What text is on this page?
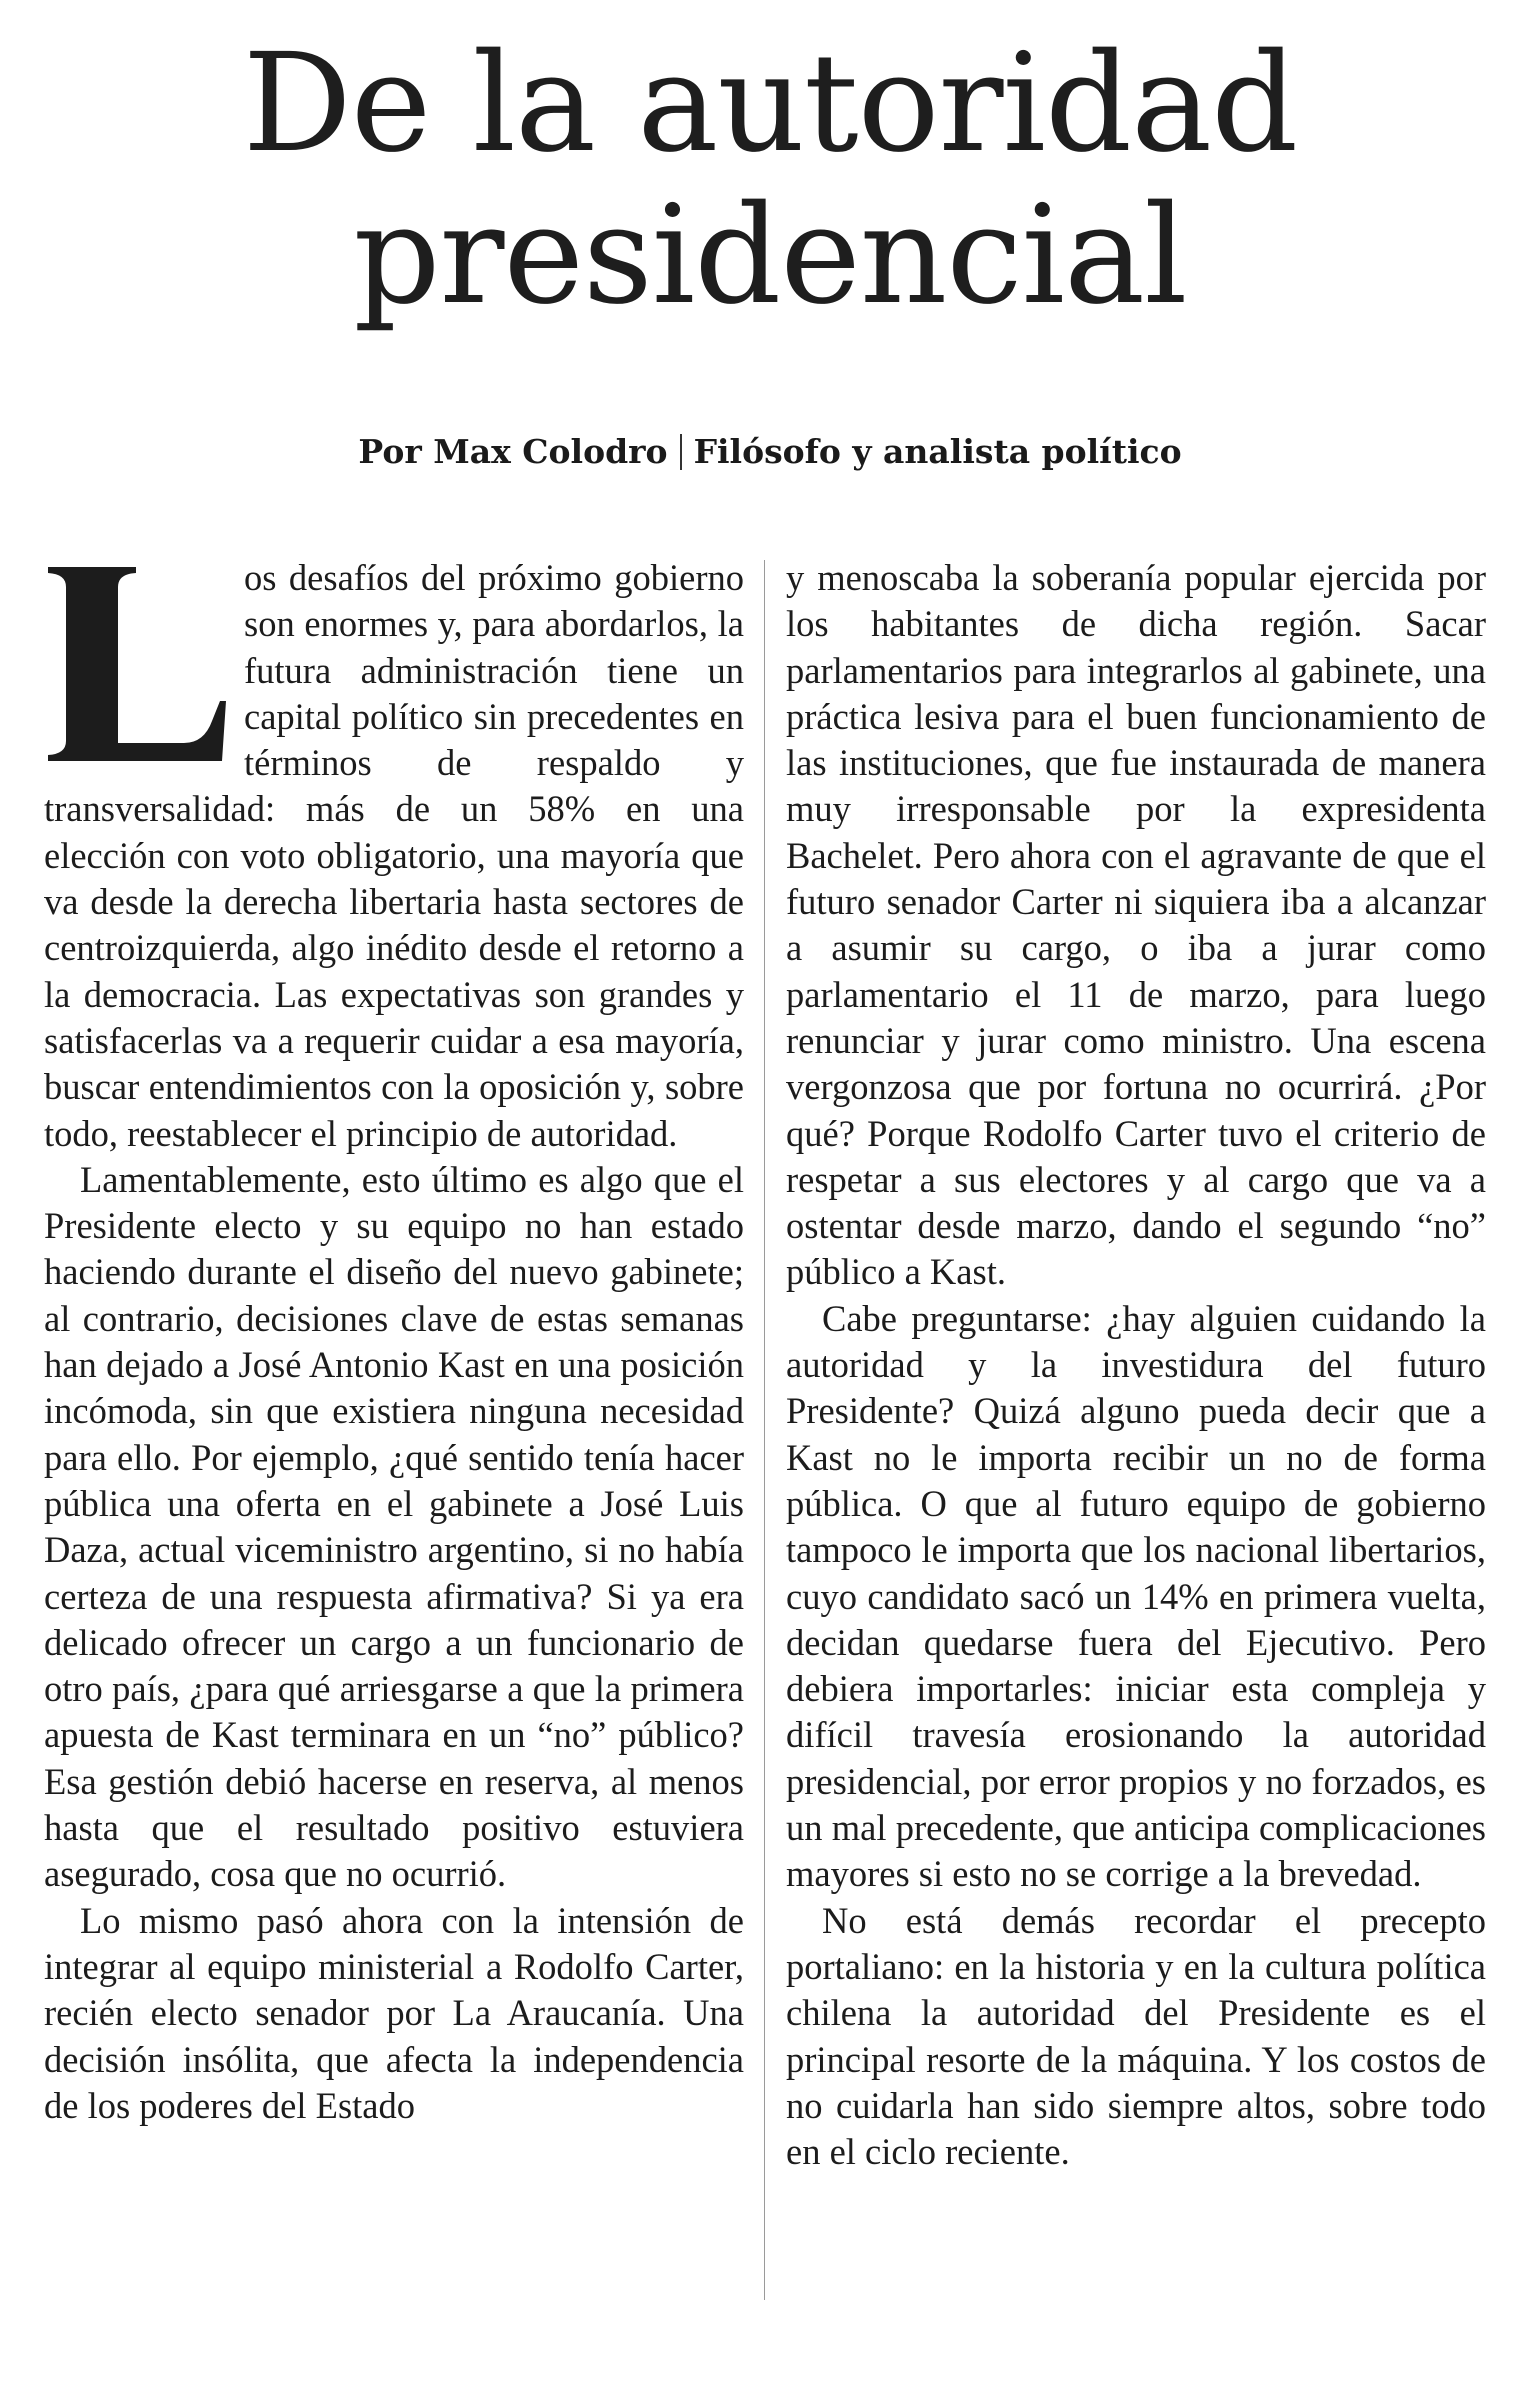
De la autoridad
presidencial
Por Max Colodro Filósofo y analista político

os desafíos del próximo gobierno son enormes y, para abordarlos, la futura administración tiene un capital político sin precedentes en términos de respaldo y transversalidad: más de un 58% en una elección con voto obligatorio, una mayoría que va desde la derecha libertaria hasta sectores de centroizquierda, algo inédito desde el retorno a la democracia. Las expectativas son grandes y satisfacerlas va a requerir cuidar a esa mayoría, buscar entendimientos con la oposición y, sobre todo, reestablecer el principio de autoridad.

Lamentablemente, esto último es algo que el Presidente electo y su equipo no han estado haciendo durante el diseño del nuevo gabinete; al contrario, decisiones clave de estas semanas han dejado a José Antonio Kast en una posición incómoda, sin que existiera ninguna necesidad para ello. Por ejemplo, ¿qué sentido tenía hacer pública una oferta en el gabinete a José Luis Daza, actual viceministro argentino, si no había certeza de una respuesta afirmativa? Si ya era delicado ofrecer un cargo a un funcionario de otro país, ¿para qué arriesgarse a que la primera apuesta de Kast terminara en un “no” público? Esa gestión debió hacerse en reserva, al menos hasta que el resultado positivo estuviera asegurado, cosa que no ocurrió.

Lo mismo pasó ahora con la intensión de integrar al equipo ministerial a Rodolfo Carter, recién electo senador por La Araucanía. Una decisión insólita, que afecta la independencia de los poderes del Estado

y menoscaba la soberanía popular ejercida por los habitantes de dicha región. Sacar parlamentarios para integrarlos al gabinete, una práctica lesiva para el buen funcionamiento de las instituciones, que fue instaurada de manera muy irresponsable por la expresidenta Bachelet. Pero ahora con el agravante de que el futuro senador Carter ni siquiera iba a alcanzar a asumir su cargo, o iba a jurar como parlamentario el 11 de marzo, para luego renunciar y jurar como ministro. Una escena vergonzosa que por fortuna no ocurrirá. ¿Por qué? Porque Rodolfo Carter tuvo el criterio de respetar a sus electores y al cargo que va a ostentar desde marzo, dando el segundo “no” público a Kast.

Cabe preguntarse: ¿hay alguien cuidando la autoridad y la investidura del futuro Presidente? Quizá alguno pueda decir que a Kast no le importa recibir un no de forma pública. O que al futuro equipo de gobierno tampoco le importa que los nacional libertarios, cuyo candidato sacó un 14% en primera vuelta, decidan quedarse fuera del Ejecutivo. Pero debiera importarles: iniciar esta compleja y difícil travesía erosionando la autoridad presidencial, por error propios y no forzados, es un mal precedente, que anticipa complicaciones mayores si esto no se corrige a la brevedad.

No está demás recordar el precepto portaliano: en la historia y en la cultura política chilena la autoridad del Presidente es el principal resorte de la máquina. Y los costos de no cuidarla han sido siempre altos, sobre todo en el ciclo reciente.
